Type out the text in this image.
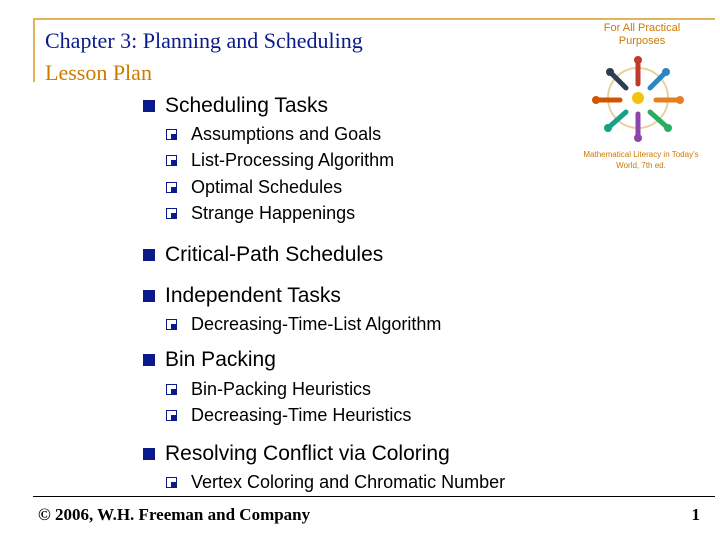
Chapter 3: Planning and Scheduling
Lesson Plan
For All Practical Purposes
Mathematical Literacy in Today's World, 7th ed.
Scheduling Tasks
Assumptions and Goals
List-Processing Algorithm
Optimal Schedules
Strange Happenings
Critical-Path Schedules
Independent Tasks
Decreasing-Time-List Algorithm
Bin Packing
Bin-Packing Heuristics
Decreasing-Time Heuristics
Resolving Conflict via Coloring
Vertex Coloring and Chromatic Number
© 2006, W.H. Freeman and Company	1
